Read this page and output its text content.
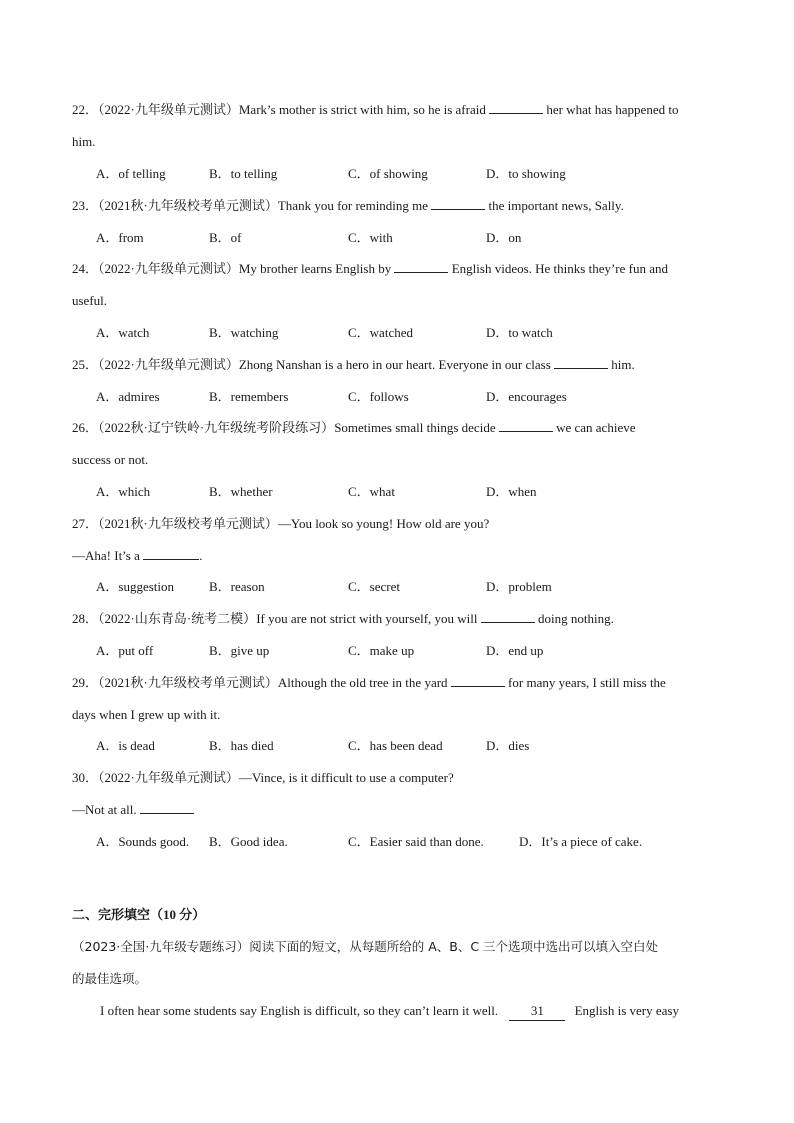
22．（2022·九年级单元测试）Mark’s mother is strict with him, so he is afraid	her what has happened to
him.
A．of telling	B．to telling	C．of showing	D．to showing
23．（2021秋·九年级校考单元测试）Thank you for reminding me	the important news, Sally.
A．from	B．of	C．with	D．on
24．（2022·九年级单元测试）My brother learns English by	English videos. He thinks they’re fun and
useful.
A．watch	B．watching	C．watched	D．to watch
25．（2022·九年级单元测试）Zhong Nanshan is a hero in our heart. Everyone in our class	him.
A．admires	B．remembers	C．follows	D．encourages
26．（2022秋·辽宁铁岭·九年级统考阶段练习）Sometimes small things decide	we can achieve
success or not.
A．which	B．whether	C．what	D．when
27．（2021秋·九年级校考单元测试）—You look so young! How old are you?
—Aha! It’s a	.
A．suggestion	B．reason	C．secret	D．problem
28．（2022·山东青岛·统考二模）If you are not strict with yourself, you will	doing nothing.
A．put off	B．give up	C．make up	D．end up
29．（2021秋·九年级校考单元测试）Although the old tree in the yard	for many years, I still miss the
days when I grew up with it.
A．is dead	B．has died	C．has been dead	D．dies
30．（2022·九年级单元测试）—Vince, is it difficult to use a computer?
—Not at all.
A．Sounds good. B．Good idea.	C．Easier said than done.	D．It’s a piece of cake.
二、完形填空（10 分）
（2023·全国·九年级专题练习）阅读下面的短文，从每题所给的 A、B、C 三个选项中选出可以填入空白处
的最佳选项。
I often hear some students say English is difficult, so they can’t learn it well.	31 English is very easy
